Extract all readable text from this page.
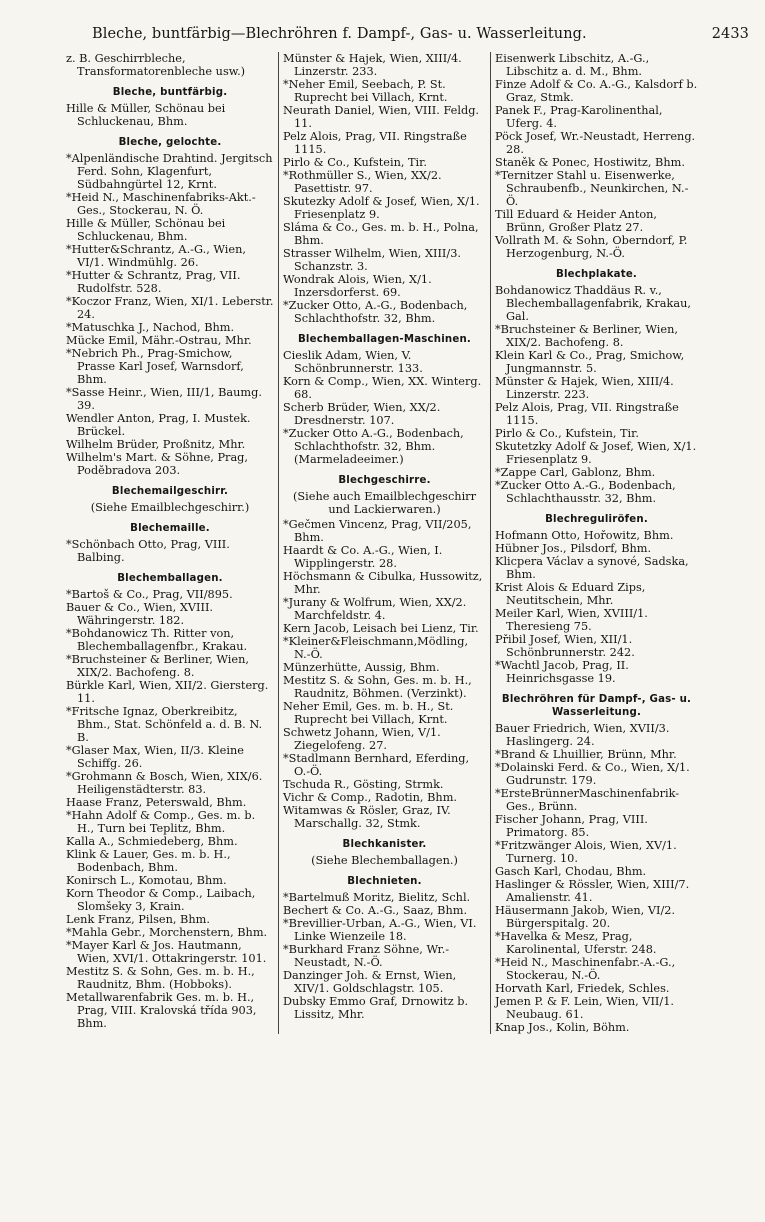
Bleche, buntfärbig—Blechröhren f. Dampf-, Gas- u. Wasserleitung.	2433
z. B. Geschirrbleche, Transformatorenbleche usw.)
Bleche, buntfärbig.
Hille & Müller, Schönau bei Schluckenau, Bhm.
Bleche, gelochte.
*Alpenländische Drahtind. Jergitsch Ferd. Sohn, Klagenfurt, Südbahngürtel 12, Krnt.
*Heid N., Maschinenfabriks-Akt.-Ges., Stockerau, N. Ö.
Hille & Müller, Schönau bei Schluckenau, Bhm.
*Hutter&Schrantz, A.-G., Wien, VI/1. Windmühlg. 26.
*Hutter & Schrantz, Prag, VII. Rudolfstr. 528.
*Koczor Franz, Wien, XI/1. Leberstr. 24.
*Matuschka J., Nachod, Bhm.
Mücke Emil, Mähr.-Ostrau, Mhr.
*Nebrich Ph., Prag-Smichow, Prasse Karl Josef, Warnsdorf, Bhm.
*Sasse Heinr., Wien, III/1, Baumg. 39.
Wendler Anton, Prag, I. Mustek. Brückel.
Wilhelm Brüder, Proßnitz, Mhr.
Wilhelm's Mart. & Söhne, Prag, Podĕbradova 203.
Blechemailgeschirr.
(Siehe Emailblechgeschirr.)
Blechemaille.
*Schönbach Otto, Prag, VIII. Balbing.
Blechemballagen.
*Bartoš & Co., Prag, VII/895.
Bauer & Co., Wien, XVIII. Währingerstr. 182.
*Bohdanowicz Th. Ritter von, Blechemballagenfbr., Krakau.
*Bruchsteiner & Berliner, Wien, XIX/2. Bachofeng. 8.
Bürkle Karl, Wien, XII/2. Giersterg. 11.
*Fritsche Ignaz, Oberkreibitz, Bhm., Stat. Schönfeld a. d. B. N. B.
*Glaser Max, Wien, II/3. Kleine Schiffg. 26.
*Grohmann & Bosch, Wien, XIX/6. Heiligenstädterstr. 83.
Haase Franz, Peterswald, Bhm.
*Hahn Adolf & Comp., Ges. m. b. H., Turn bei Teplitz, Bhm.
Kalla A., Schmiedeberg, Bhm.
Klink & Lauer, Ges. m. b. H., Bodenbach, Bhm.
Konirsch L., Komotau, Bhm.
Korn Theodor & Comp., Laibach, Slomšeky 3, Krain.
Lenk Franz, Pilsen, Bhm.
*Mahla Gebr., Morchenstern, Bhm.
*Mayer Karl & Jos. Hautmann, Wien, XVI/1. Ottakringerstr. 101.
Mestitz S. & Sohn, Ges. m. b. H., Raudnitz, Bhm. (Hobboks).
Metallwarenfabrik Ges. m. b. H., Prag, VIII. Kralovská třída 903, Bhm.
Münster & Hajek, Wien, XIII/4. Linzerstr. 233.
*Neher Emil, Seebach, P. St. Ruprecht bei Villach, Krnt.
Neurath Daniel, Wien, VIII. Feldg. 11.
Pelz Alois, Prag, VII. Ringstraße 1115.
Pirlo & Co., Kufstein, Tir.
*Rothmüller S., Wien, XX/2. Pasettistr. 97.
Skutezky Adolf & Josef, Wien, X/1. Friesenplatz 9.
Sláma & Co., Ges. m. b. H., Polna, Bhm.
Strasser Wilhelm, Wien, XIII/3. Schanzstr. 3.
Wondrak Alois, Wien, X/1. Inzersdorferst. 69.
*Zucker Otto, A.-G., Bodenbach, Schlachthofstr. 32, Bhm.
Blechemballagen-Maschinen.
Cieslik Adam, Wien, V. Schönbrunnerstr. 133.
Korn & Comp., Wien, XX. Winterg. 68.
Scherb Brüder, Wien, XX/2. Dresdnerstr. 107.
*Zucker Otto A.-G., Bodenbach, Schlachthofstr. 32, Bhm. (Marmeladeeimer.)
Blechgeschirre.
(Siehe auch Emailblechgeschirr und Lackierwaren.)
*Gečmen Vincenz, Prag, VII/205, Bhm.
Haardt & Co. A.-G., Wien, I. Wipplingerstr. 28.
Höchsmann & Cibulka, Hussowitz, Mhr.
*Jurany & Wolfrum, Wien, XX/2. Marchfeldstr. 4.
Kern Jacob, Leisach bei Lienz, Tir.
*Kleiner&Fleischmann,Mödling, N.-Ö.
Münzerhütte, Aussig, Bhm.
Mestitz S. & Sohn, Ges. m. b. H., Raudnitz, Böhmen. (Verzinkt).
Neher Emil, Ges. m. b. H., St. Ruprecht bei Villach, Krnt.
Schwetz Johann, Wien, V/1. Ziegelofeng. 27.
*Stadlmann Bernhard, Eferding, O.-Ö.
Tschuda R., Gösting, Strmk.
Vichr & Comp., Radotin, Bhm.
Witamwas & Rösler, Graz, IV. Marschallg. 32, Stmk.
Blechkanister.
(Siehe Blechemballagen.)
Blechnieten.
*Bartelmuß Moritz, Bielitz, Schl.
Bechert & Co. A.-G., Saaz, Bhm.
*Brevillier-Urban, A.-G., Wien, VI. Linke Wienzeile 18.
*Burkhard Franz Söhne, Wr.-Neustadt, N.-Ö.
Danzinger Joh. & Ernst, Wien, XIV/1. Goldschlagstr. 105.
Dubsky Emmo Graf, Drnowitz b. Lissitz, Mhr.
Eisenwerk Libschitz, A.-G., Libschitz a. d. M., Bhm.
Finze Adolf & Co. A.-G., Kalsdorf b. Graz, Stmk.
Panek F., Prag-Karolinenthal, Uferg. 4.
Pöck Josef, Wr.-Neustadt, Herreng. 28.
Staněk & Ponec, Hostiwitz, Bhm.
*Ternitzer Stahl u. Eisenwerke, Schraubenfb., Neunkirchen, N.-Ö.
Till Eduard & Heider Anton, Brünn, Großer Platz 27.
Vollrath M. & Sohn, Oberndorf, P. Herzogenburg, N.-Ö.
Blechplakate.
Bohdanowicz Thaddäus R. v., Blechemballagenfabrik, Krakau, Gal.
*Bruchsteiner & Berliner, Wien, XIX/2. Bachofeng. 8.
Klein Karl & Co., Prag, Smichow, Jungmannstr. 5.
Münster & Hajek, Wien, XIII/4. Linzerstr. 223.
Pelz Alois, Prag, VII. Ringstraße 1115.
Pirlo & Co., Kufstein, Tir.
Skutetzky Adolf & Josef, Wien, X/1. Friesenplatz 9.
*Zappe Carl, Gablonz, Bhm.
*Zucker Otto A.-G., Bodenbach, Schlachthausstr. 32, Bhm.
Blechreguliröfen.
Hofmann Otto, Hořowitz, Bhm.
Hübner Jos., Pilsdorf, Bhm.
Klicpera Václav a synové, Sadska, Bhm.
Krist Alois & Eduard Zips, Neutitschein, Mhr.
Meiler Karl, Wien, XVIII/1. Theresieng 75.
Přibil Josef, Wien, XII/1. Schönbrunnerstr. 242.
*Wachtl Jacob, Prag, II. Heinrichsgasse 19.
Blechröhren für Dampf-, Gas- u. Wasserleitung.
Bauer Friedrich, Wien, XVII/3. Haslingerg. 24.
*Brand & Lhuillier, Brünn, Mhr.
*Dolainski Ferd. & Co., Wien, X/1. Gudrunstr. 179.
*ErsteBrünnerMaschinenfabrik-Ges., Brünn.
Fischer Johann, Prag, VIII. Primatorg. 85.
*Fritzwänger Alois, Wien, XV/1. Turnerg. 10.
Gasch Karl, Chodau, Bhm.
Haslinger & Rössler, Wien, XIII/7. Amalienstr. 41.
Häusermann Jakob, Wien, VI/2. Bürgerspitalg. 20.
*Havelka & Mesz, Prag, Karolinental, Uferstr. 248.
*Heid N., Maschinenfabr.-A.-G., Stockerau, N.-Ö.
Horvath Karl, Friedek, Schles.
Jemen P. & F. Lein, Wien, VII/1. Neubaug. 61.
Knap Jos., Kolin, Böhm.
